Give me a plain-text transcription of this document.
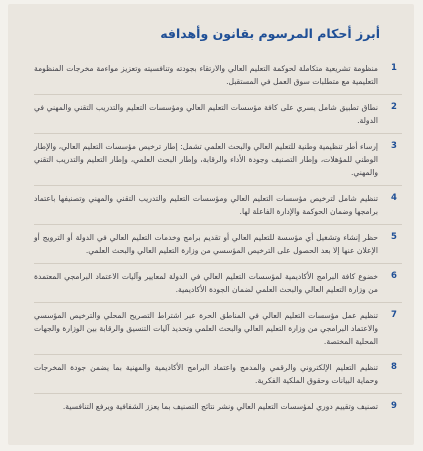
أبرز أحكام المرسوم بقانون وأهدافه
1
منظومة تشريعية متكاملة لحوكمة التعليم العالي والارتقاء بجودته وتنافسيته وتعزيز مواءمة مخرجات المنظومة التعليمية مع متطلبات سوق العمل في المستقبل.
2
نطاق تطبيق شامل يسري على كافة مؤسسات التعليم العالي ومؤسسات التعليم والتدريب التقني والمهني في الدولة.
3
إرساء أطر تنظيمية وطنية للتعليم العالي والبحث العلمي تشمل: إطار ترخيص مؤسسات التعليم العالي، والإطار الوطني للمؤهلات، وإطار التصنيف وجودة الأداء والرقابة، وإطار البحث العلمي، وإطار التعليم والتدريب التقني والمهني.
4
تنظيم شامل لترخيص مؤسسات التعليم العالي ومؤسسات التعليم والتدريب التقني والمهني وتصنيفها باعتماد برامجها وضمان الحوكمة والإدارة الفاعلة لها.
5
حظر إنشاء وتشغيل أي مؤسسة للتعليم العالي أو تقديم برامج وخدمات التعليم العالي في الدولة أو الترويج أو الإعلان عنها إلا بعد الحصول على الترخيص المؤسسي من وزارة التعليم العالي والبحث العلمي.
6
خضوع كافة البرامج الأكاديمية لمؤسسات التعليم العالي في الدولة لمعايير وآليات الاعتماد البرامجي المعتمدة من وزارة التعليم العالي والبحث العلمي لضمان الجودة الأكاديمية.
7
تنظيم عمل مؤسسات التعليم العالي في المناطق الحرة عبر اشتراط التصريح المحلي والترخيص المؤسسي والاعتماد البرامجي من وزارة التعليم العالي والبحث العلمي وتحديد آليات التنسيق والرقابة بين الوزارة والجهات المحلية المختصة.
8
تنظيم التعليم الإلكتروني والرقمي والمدمج واعتماد البرامج الأكاديمية والمهنية بما يضمن جودة المخرجات وحماية البيانات وحقوق الملكية الفكرية.
9
تصنيف وتقييم دوري لمؤسسات التعليم العالي ونشر نتائج التصنيف بما يعزز الشفافية ويرفع التنافسية.
